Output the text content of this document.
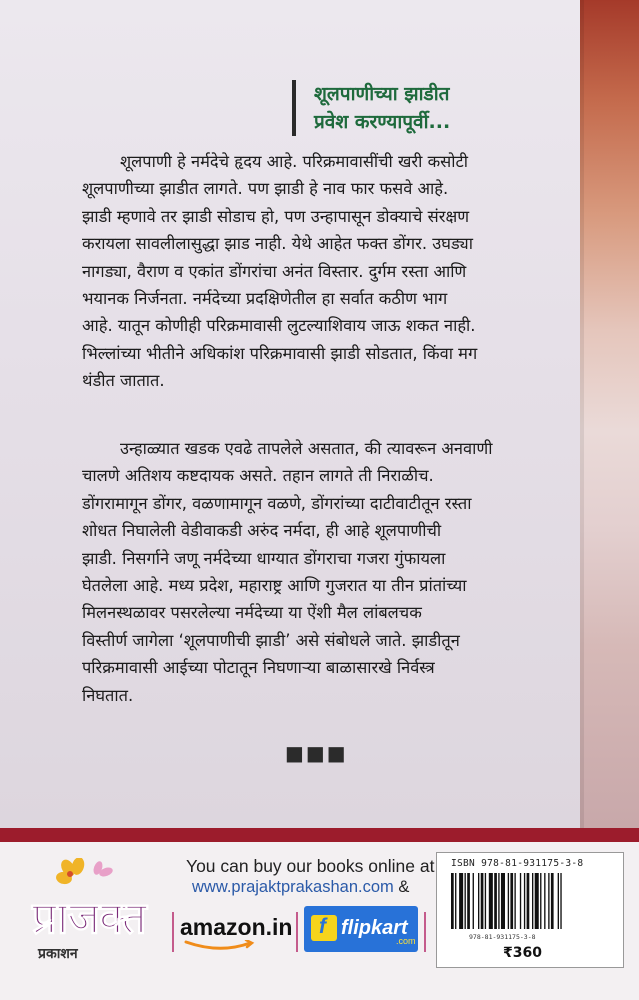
शूलपाणीच्या झाडीत
प्रवेश करण्यापूर्वी...
शूलपाणी हे नर्मदेचे हृदय आहे. परिक्रमावासींची खरी कसोटी
शूलपाणीच्या झाडीत लागते. पण झाडी हे नाव फार फसवे आहे.
झाडी म्हणावे तर झाडी सोडाच हो, पण उन्हापासून डोक्याचे संरक्षण
करायला सावलीलासुद्धा झाड नाही. येथे आहेत फक्त डोंगर. उघड्या
नागड्या, वैराण व एकांत डोंगरांचा अनंत विस्तार. दुर्गम रस्ता आणि
भयानक निर्जनता. नर्मदेच्या प्रदक्षिणेतील हा सर्वात कठीण भाग
आहे. यातून कोणीही परिक्रमावासी लुटल्याशिवाय जाऊ शकत नाही.
भिल्लांच्या भीतीने अधिकांश परिक्रमावासी झाडी सोडतात, किंवा मग
थंडीत जातात.
उन्हाळ्यात खडक एवढे तापलेले असतात, की त्यावरून अनवाणी
चालणे अतिशय कष्टदायक असते. तहान लागते ती निराळीच.
डोंगरामागून डोंगर, वळणामागून वळणे, डोंगरांच्या दाटीवाटीतून रस्ता
शोधत निघालेली वेडीवाकडी अरुंद नर्मदा, ही आहे शूलपाणीची
झाडी. निसर्गाने जणू नर्मदेच्या धाग्यात डोंगराचा गजरा गुंफायला
घेतलेला आहे. मध्य प्रदेश, महाराष्ट्र आणि गुजरात या तीन प्रांतांच्या
मिलनस्थळावर पसरलेल्या नर्मदेच्या या ऐंशी मैल लांबलचक
विस्तीर्ण जागेला ‘शूलपाणीची झाडी’ असे संबोधले जाते. झाडीतून
परिक्रमावासी आईच्या पोटातून निघणाऱ्या बाळासारखे निर्वस्त्र
निघतात.
■■■
प्राजक्त
प्रकाशन
You can buy our books online at
www.prajaktprakashan.com &
amazon.in
f flipkart
.com
ISBN 978-81-931175-3-8
978-81-931175-3-8
₹360
